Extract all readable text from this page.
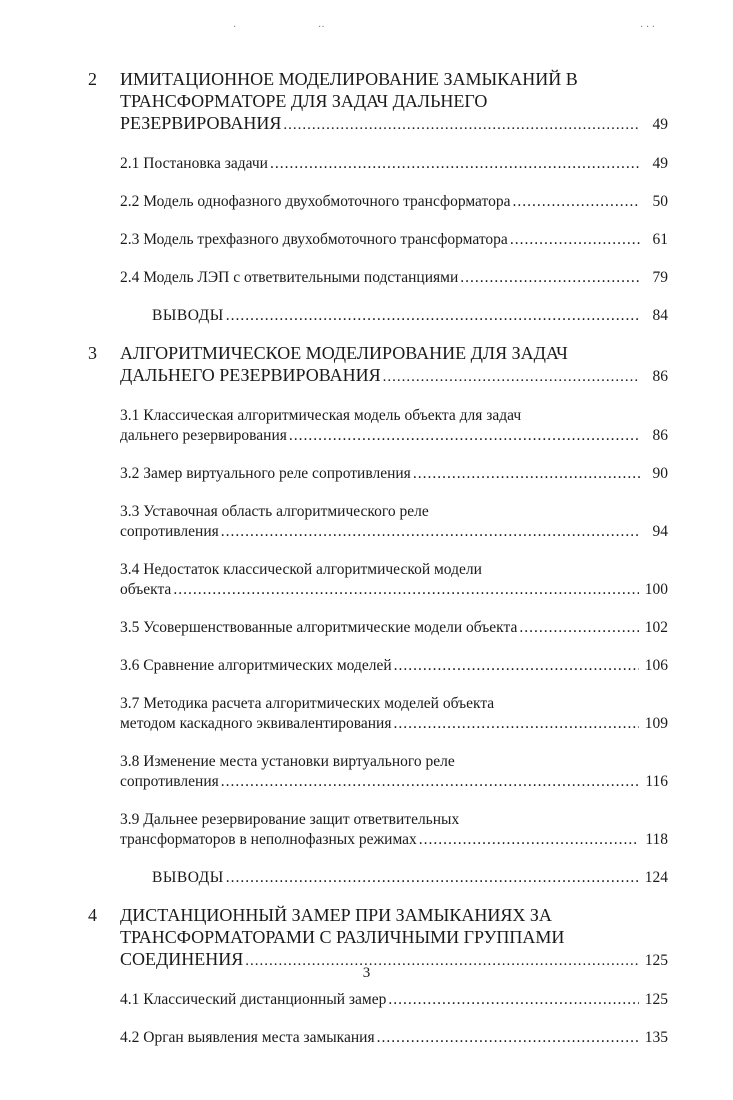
·	··	· · ·
2 ИМИТАЦИОННОЕ МОДЕЛИРОВАНИЕ ЗАМЫКАНИЙ В
ТРАНСФОРМАТОРЕ ДЛЯ ЗАДАЧ ДАЛЬНЕГО
РЕЗЕРВИРОВАНИЯ .....	49
2.1 Постановка задачи .....	49
2.2 Модель однофазного двухобмоточного трансформатора .....	50
2.3 Модель трехфазного двухобмоточного трансформатора .....	61
2.4 Модель ЛЭП с ответвительными подстанциями .....	79
ВЫВОДЫ .....	84
3 АЛГОРИТМИЧЕСКОЕ МОДЕЛИРОВАНИЕ ДЛЯ ЗАДАЧ
ДАЛЬНЕГО РЕЗЕРВИРОВАНИЯ .....	86
3.1 Классическая алгоритмическая модель объекта для задач
дальнего резервирования .....	86
3.2 Замер виртуального реле сопротивления .....	90
3.3 Уставочная область алгоритмического реле
сопротивления .....	94
3.4 Недостаток классической алгоритмической модели
объекта .....	100
3.5 Усовершенствованные алгоритмические модели объекта .....	102
3.6 Сравнение алгоритмических моделей .....	106
3.7 Методика расчета алгоритмических моделей объекта
методом каскадного эквивалентирования .....	109
3.8 Изменение места установки виртуального реле
сопротивления .....	116
3.9 Дальнее резервирование защит ответвительных
трансформаторов в неполнофазных режимах .....	118
ВЫВОДЫ .....	124
4 ДИСТАНЦИОННЫЙ ЗАМЕР ПРИ ЗАМЫКАНИЯХ ЗА
ТРАНСФОРМАТОРАМИ С РАЗЛИЧНЫМИ ГРУППАМИ
СОЕДИНЕНИЯ .....	125
4.1 Классический дистанционный замер .....	125
4.2 Орган выявления места замыкания .....	135
3
